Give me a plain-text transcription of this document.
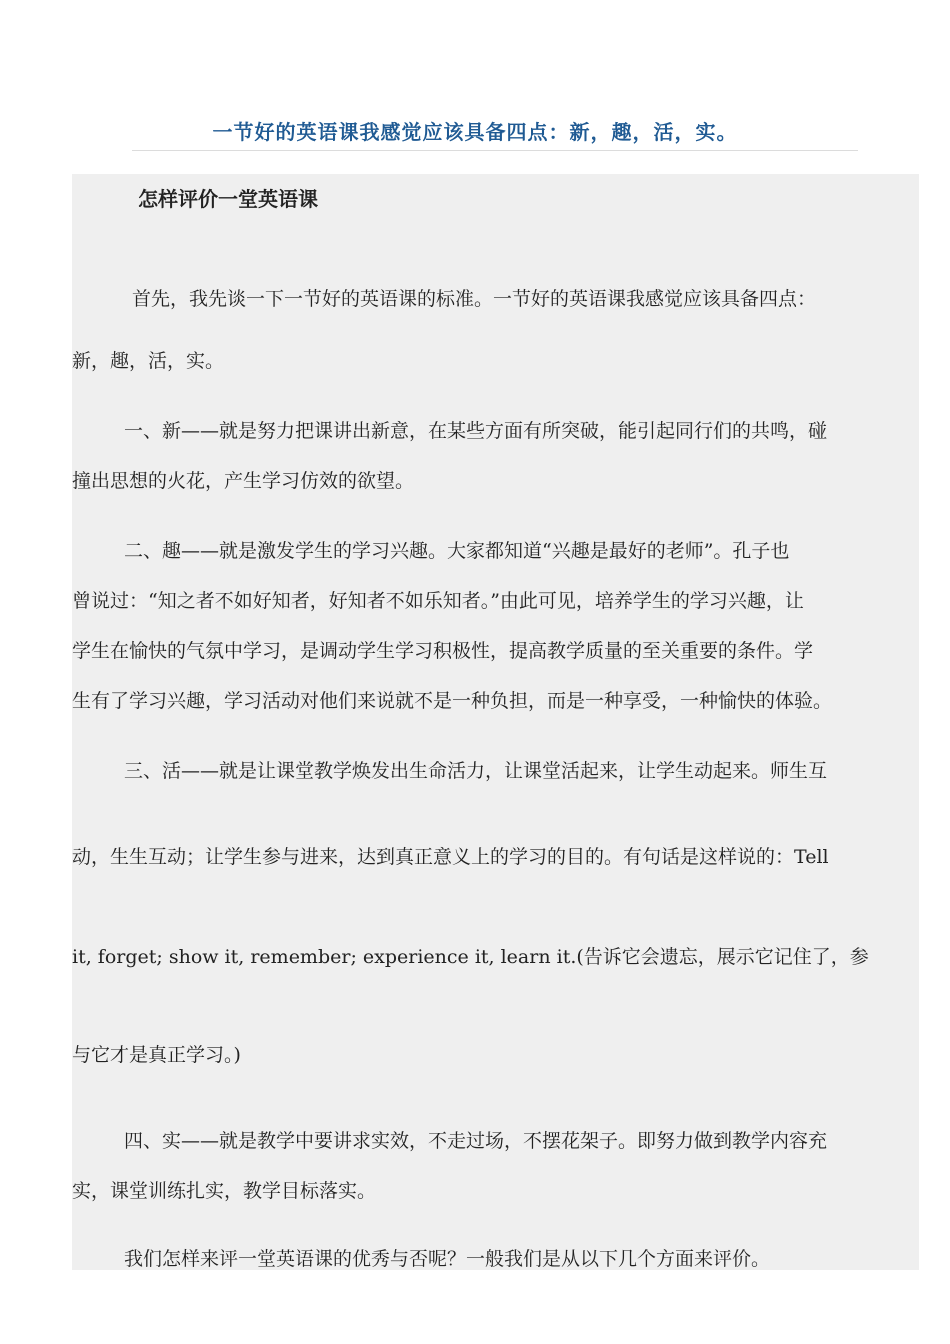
一节好的英语课我感觉应该具备四点：新，趣，活，实。
怎样评价一堂英语课
首先，我先谈一下一节好的英语课的标准。一节好的英语课我感觉应该具备四点：
新，趣，活，实。
一、新——就是努力把课讲出新意，在某些方面有所突破，能引起同行们的共鸣，碰
撞出思想的火花，产生学习仿效的欲望。
二、趣——就是激发学生的学习兴趣。大家都知道“兴趣是最好的老师”。孔子也
曾说过：“知之者不如好知者，好知者不如乐知者。”由此可见，培养学生的学习兴趣，让
学生在愉快的气氛中学习，是调动学生学习积极性，提高教学质量的至关重要的条件。学
生有了学习兴趣，学习活动对他们来说就不是一种负担，而是一种享受，一种愉快的体验。
三、活——就是让课堂教学焕发出生命活力，让课堂活起来，让学生动起来。师生互
动，生生互动；让学生参与进来，达到真正意义上的学习的目的。有句话是这样说的：Tell
it, forget; show it, remember; experience it, learn it.(告诉它会遗忘，展示它记住了，参
与它才是真正学习。)
四、实——就是教学中要讲求实效，不走过场，不摆花架子。即努力做到教学内容充
实，课堂训练扎实，教学目标落实。
我们怎样来评一堂英语课的优秀与否呢？一般我们是从以下几个方面来评价。
